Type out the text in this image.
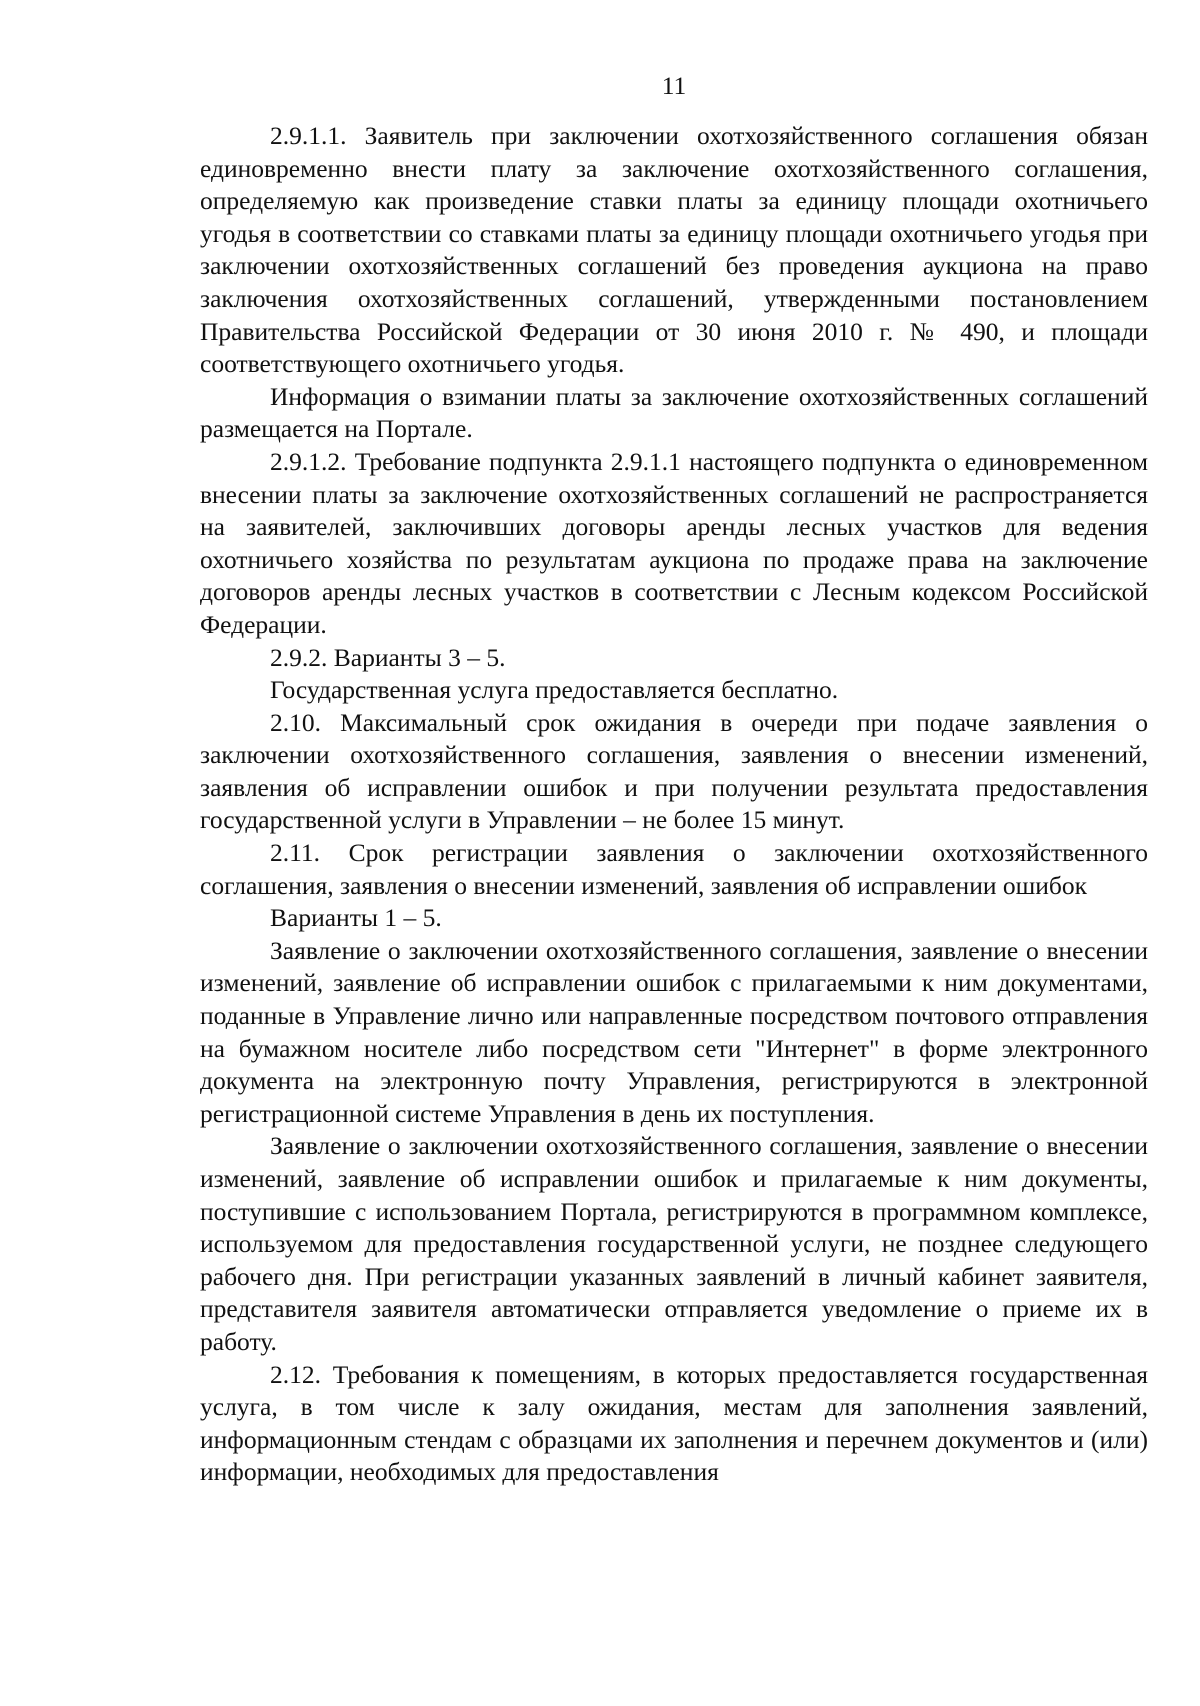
11

2.9.1.1. Заявитель при заключении охотхозяйственного соглашения обязан единовременно внести плату за заключение охотхозяйственного соглашения, определяемую как произведение ставки платы за единицу площади охотничьего угодья в соответствии со ставками платы за единицу площади охотничьего угодья при заключении охотхозяйственных соглашений без проведения аукциона на право заключения охотхозяйственных соглашений, утвержденными постановлением Правительства Российской Федерации от 30 июня 2010 г. № 490, и площади соответствующего охотничьего угодья.

Информация о взимании платы за заключение охотхозяйственных соглашений размещается на Портале.

2.9.1.2. Требование подпункта 2.9.1.1 настоящего подпункта о единовременном внесении платы за заключение охотхозяйственных соглашений не распространяется на заявителей, заключивших договоры аренды лесных участков для ведения охотничьего хозяйства по результатам аукциона по продаже права на заключение договоров аренды лесных участков в соответствии с Лесным кодексом Российской Федерации.

2.9.2. Варианты 3 – 5.

Государственная услуга предоставляется бесплатно.

2.10. Максимальный срок ожидания в очереди при подаче заявления о заключении охотхозяйственного соглашения, заявления о внесении изменений, заявления об исправлении ошибок и при получении результата предоставления государственной услуги в Управлении – не более 15 минут.

2.11. Срок регистрации заявления о заключении охотхозяйственного соглашения, заявления о внесении изменений, заявления об исправлении ошибок

Варианты 1 – 5.

Заявление о заключении охотхозяйственного соглашения, заявление о внесении изменений, заявление об исправлении ошибок с прилагаемыми к ним документами, поданные в Управление лично или направленные посредством почтового отправления на бумажном носителе либо посредством сети "Интернет" в форме электронного документа на электронную почту Управления, регистрируются в электронной регистрационной системе Управления в день их поступления.

Заявление о заключении охотхозяйственного соглашения, заявление о внесении изменений, заявление об исправлении ошибок и прилагаемые к ним документы, поступившие с использованием Портала, регистрируются в программном комплексе, используемом для предоставления государственной услуги, не позднее следующего рабочего дня. При регистрации указанных заявлений в личный кабинет заявителя, представителя заявителя автоматически отправляется уведомление о приеме их в работу.

2.12. Требования к помещениям, в которых предоставляется государственная услуга, в том числе к залу ожидания, местам для заполнения заявлений, информационным стендам с образцами их заполнения и перечнем документов и (или) информации, необходимых для предоставления
